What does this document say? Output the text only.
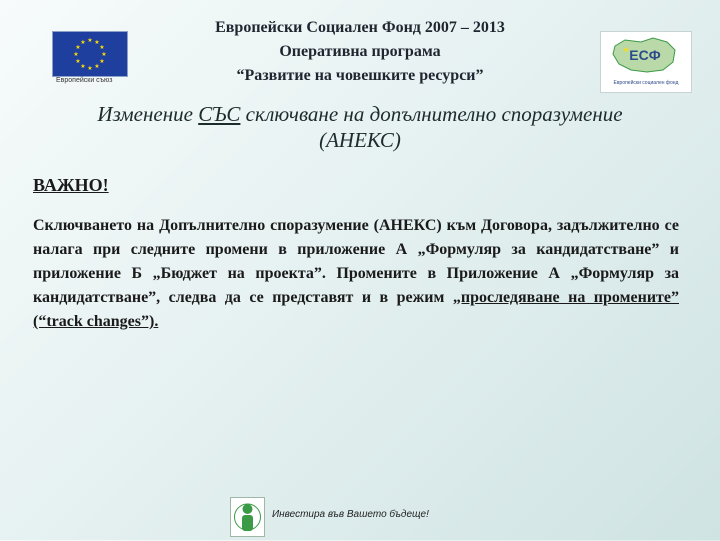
★ ★
★
★
★
★
★
★
★
★
★
★
Европейски съюз
Европейски Социален Фонд 2007 – 2013
Оперативна програма
“Развитие на човешките ресурси”
★ ЕСФ
Европейски социален фонд
Изменение СЪС сключване на допълнително споразумение
(АНЕКС)
ВАЖНО!
Сключването на Допълнително споразумение (АНЕКС) към Договора, задължително се налага при следните промени в приложение А „Формуляр за кандидатстване” и приложение Б „Бюджет на проекта”. Промените в Приложение А „Формуляр за кандидатстване”, следва да се представят и в режим „проследяване на промените” (“track changes”).
Инвестира във Вашето бъдеще!
